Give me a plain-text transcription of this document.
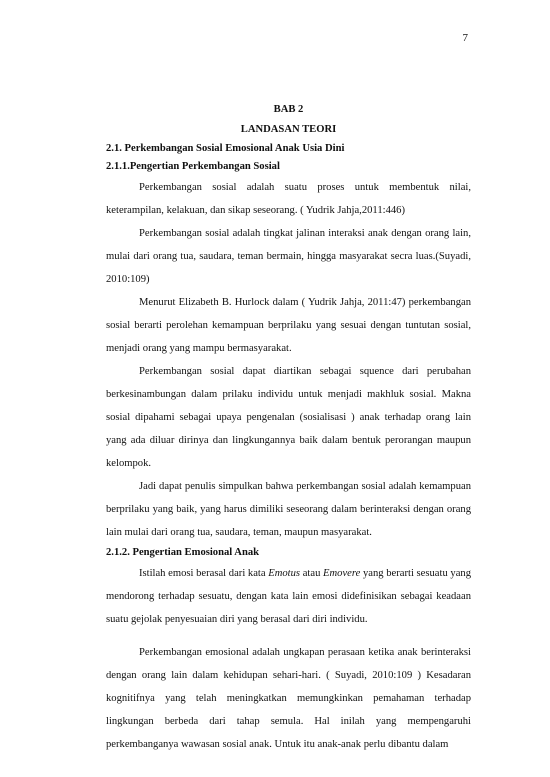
7

BAB 2

LANDASAN TEORI

2.1. Perkembangan Sosial Emosional Anak Usia Dini

2.1.1.Pengertian Perkembangan Sosial

Perkembangan sosial adalah suatu proses untuk membentuk nilai, keterampilan, kelakuan, dan sikap seseorang. ( Yudrik Jahja,2011:446)

Perkembangan sosial adalah tingkat jalinan interaksi anak dengan orang lain, mulai dari orang tua, saudara, teman bermain, hingga masyarakat secra luas.(Suyadi, 2010:109)

Menurut Elizabeth B. Hurlock dalam ( Yudrik Jahja, 2011:47) perkembangan sosial berarti perolehan kemampuan berprilaku yang sesuai dengan tuntutan sosial, menjadi orang yang mampu bermasyarakat.

Perkembangan sosial dapat diartikan sebagai squence dari perubahan berkesinambungan dalam prilaku individu untuk menjadi makhluk sosial. Makna sosial dipahami sebagai upaya pengenalan (sosialisasi ) anak terhadap orang lain yang ada diluar dirinya dan lingkungannya baik dalam bentuk perorangan maupun kelompok.

Jadi dapat penulis simpulkan bahwa perkembangan sosial adalah kemampuan berprilaku yang baik, yang harus dimiliki seseorang dalam berinteraksi dengan orang lain mulai dari orang tua, saudara, teman, maupun masyarakat.

2.1.2. Pengertian Emosional Anak

Istilah emosi berasal dari kata Emotus atau Emovere yang berarti sesuatu yang mendorong terhadap sesuatu, dengan kata lain emosi didefinisikan sebagai keadaan suatu gejolak penyesuaian diri yang berasal dari diri individu.

Perkembangan emosional adalah ungkapan perasaan ketika anak berinteraksi dengan orang lain dalam kehidupan sehari-hari. ( Suyadi, 2010:109 ) Kesadaran kognitifnya yang telah meningkatkan memungkinkan pemahaman terhadap lingkungan berbeda dari tahap semula. Hal inilah yang mempengaruhi perkembanganya wawasan sosial anak. Untuk itu anak-anak perlu dibantu dalam
